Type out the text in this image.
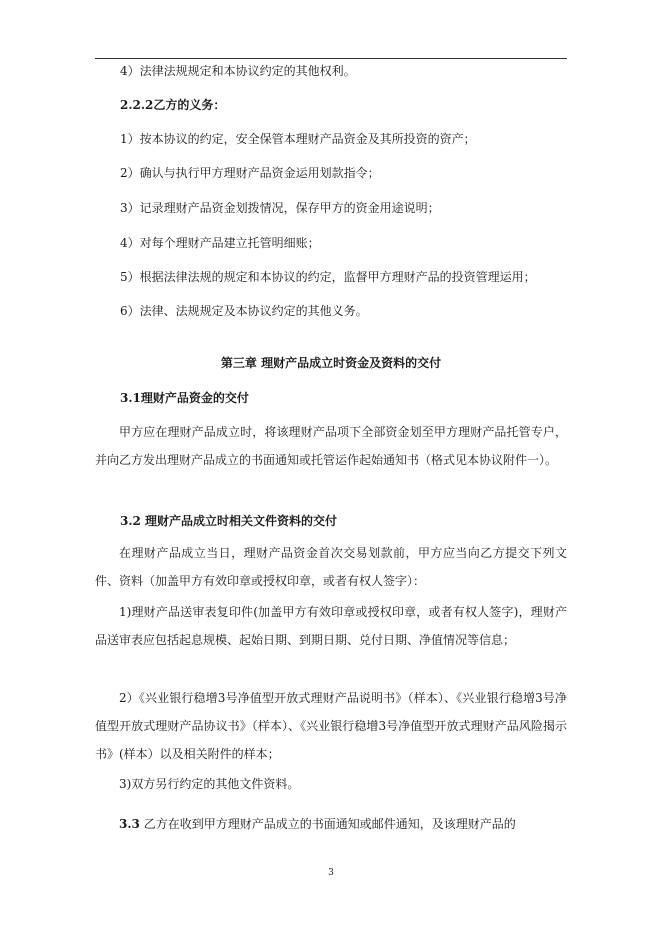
4）法律法规规定和本协议约定的其他权利。
2.2.2乙方的义务：
1）按本协议的约定，安全保管本理财产品资金及其所投资的资产；
2）确认与执行甲方理财产品资金运用划款指令；
3）记录理财产品资金划拨情况，保存甲方的资金用途说明；
4）对每个理财产品建立托管明细账；
5）根据法律法规的规定和本协议的约定，监督甲方理财产品的投资管理运用；
6）法律、法规规定及本协议约定的其他义务。
第三章 理财产品成立时资金及资料的交付
3.1理财产品资金的交付

甲方应在理财产品成立时，将该理财产品项下全部资金划至甲方理财产品托管专户，并向乙方发出理财产品成立的书面通知或托管运作起始通知书（格式见本协议附件一）。

3.2 理财产品成立时相关文件资料的交付

在理财产品成立当日，理财产品资金首次交易划款前，甲方应当向乙方提交下列文件、资料（加盖甲方有效印章或授权印章，或者有权人签字）：

1)理财产品送审表复印件(加盖甲方有效印章或授权印章，或者有权人签字)，理财产品送审表应包括起息规模、起始日期、到期日期、兑付日期、净值情况等信息；

2）《兴业银行稳增3号净值型开放式理财产品说明书》（样本）、《兴业银行稳增3号净值型开放式理财产品协议书》（样本）、《兴业银行稳增3号净值型开放式理财产品风险揭示书》(样本）以及相关附件的样本；

3)双方另行约定的其他文件资料。

3.3 乙方在收到甲方理财产品成立的书面通知或邮件通知，及该理财产品的

3
